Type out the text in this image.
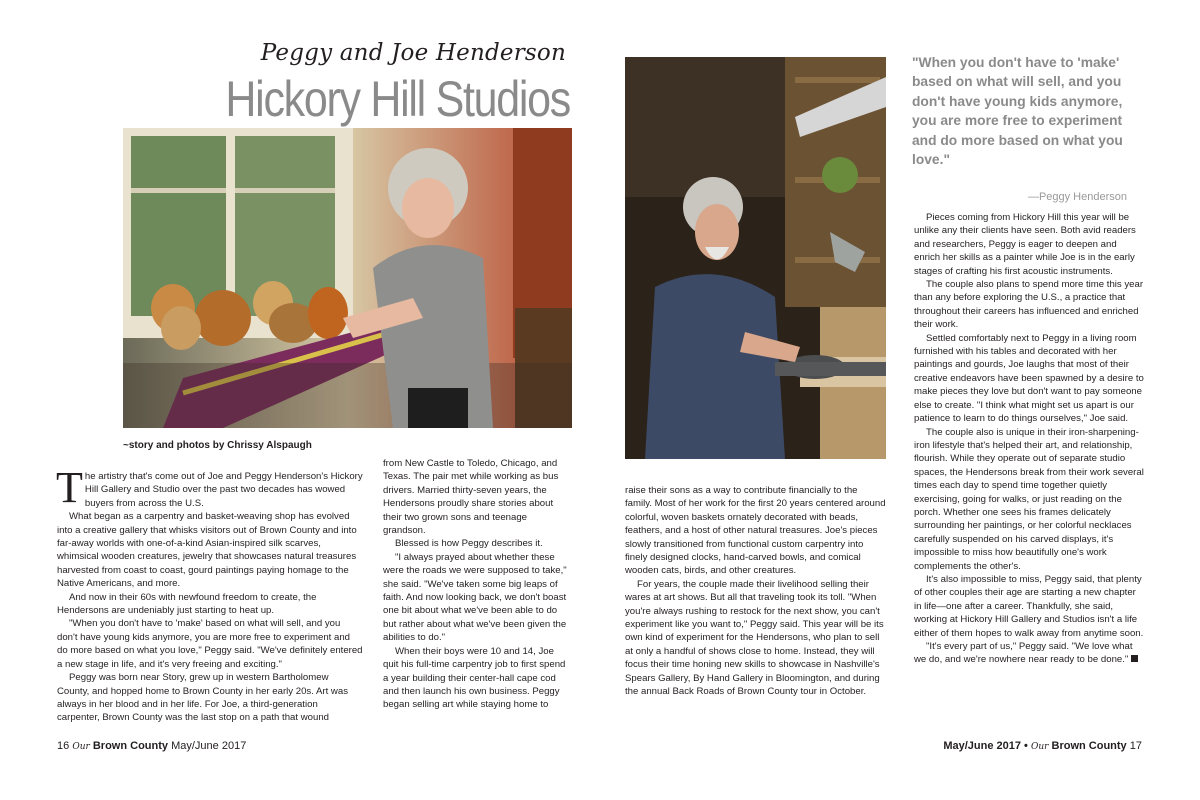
Peggy and Joe Henderson
Hickory Hill Studios
~story and photos by Chrissy Alspaugh
"When you don't have to 'make' based on what will sell, and you don't have young kids anymore, you are more free to experiment and do more based on what you love."
—Peggy Henderson

The artistry that's come out of Joe and Peggy Henderson's Hickory Hill Gallery and Studio over the past two decades has wowed buyers from across the U.S.

What began as a carpentry and basket-weaving shop has evolved into a creative gallery that whisks visitors out of Brown County and into far-away worlds with one-of-a-kind Asian-inspired silk scarves, whimsical wooden creatures, jewelry that showcases natural treasures harvested from coast to coast, gourd paintings paying homage to the Native Americans, and more.

And now in their 60s with newfound freedom to create, the Hendersons are undeniably just starting to heat up.

"When you don't have to 'make' based on what will sell, and you don't have young kids anymore, you are more free to experiment and do more based on what you love," Peggy said. "We've definitely entered a new stage in life, and it's very freeing and exciting."

Peggy was born near Story, grew up in western Bartholomew County, and hopped home to Brown County in her early 20s. Art was always in her blood and in her life. For Joe, a third-generation carpenter, Brown County was the last stop on a path that wound

from New Castle to Toledo, Chicago, and Texas. The pair met while working as bus drivers. Married thirty-seven years, the Hendersons proudly share stories about their two grown sons and teenage grandson.

Blessed is how Peggy describes it.

"I always prayed about whether these were the roads we were supposed to take," she said. "We've taken some big leaps of faith. And now looking back, we don't boast one bit about what we've been able to do but rather about what we've been given the abilities to do."

When their boys were 10 and 14, Joe quit his full-time carpentry job to first spend a year building their center-hall cape cod and then launch his own business. Peggy began selling art while staying home to

raise their sons as a way to contribute financially to the family. Most of her work for the first 20 years centered around colorful, woven baskets ornately decorated with beads, feathers, and a host of other natural treasures. Joe's pieces slowly transitioned from functional custom carpentry into finely designed clocks, hand-carved bowls, and comical wooden cats, birds, and other creatures.

For years, the couple made their livelihood selling their wares at art shows. But all that traveling took its toll. "When you're always rushing to restock for the next show, you can't experiment like you want to," Peggy said. This year will be its own kind of experiment for the Hendersons, who plan to sell at only a handful of shows close to home. Instead, they will focus their time honing new skills to showcase in Nashville's Spears Gallery, By Hand Gallery in Bloomington, and during the annual Back Roads of Brown County tour in October.

Pieces coming from Hickory Hill this year will be unlike any their clients have seen. Both avid readers and researchers, Peggy is eager to deepen and enrich her skills as a painter while Joe is in the early stages of crafting his first acoustic instruments.

The couple also plans to spend more time this year than any before exploring the U.S., a practice that throughout their careers has influenced and enriched their work.

Settled comfortably next to Peggy in a living room furnished with his tables and decorated with her paintings and gourds, Joe laughs that most of their creative endeavors have been spawned by a desire to make pieces they love but don't want to pay someone else to create. "I think what might set us apart is our patience to learn to do things ourselves," Joe said.

The couple also is unique in their iron-sharpening-iron lifestyle that's helped their art, and relationship, flourish. While they operate out of separate studio spaces, the Hendersons break from their work several times each day to spend time together quietly exercising, going for walks, or just reading on the porch. Whether one sees his frames delicately surrounding her paintings, or her colorful necklaces carefully suspended on his carved displays, it's impossible to miss how beautifully one's work complements the other's.

It's also impossible to miss, Peggy said, that plenty of other couples their age are starting a new chapter in life—one after a career. Thankfully, she said, working at Hickory Hill Gallery and Studios isn't a life either of them hopes to walk away from anytime soon.

"It's every part of us," Peggy said. "We love what we do, and we're nowhere near ready to be done."

16 Our Brown County May/June 2017	May/June 2017 • Our Brown County 17
